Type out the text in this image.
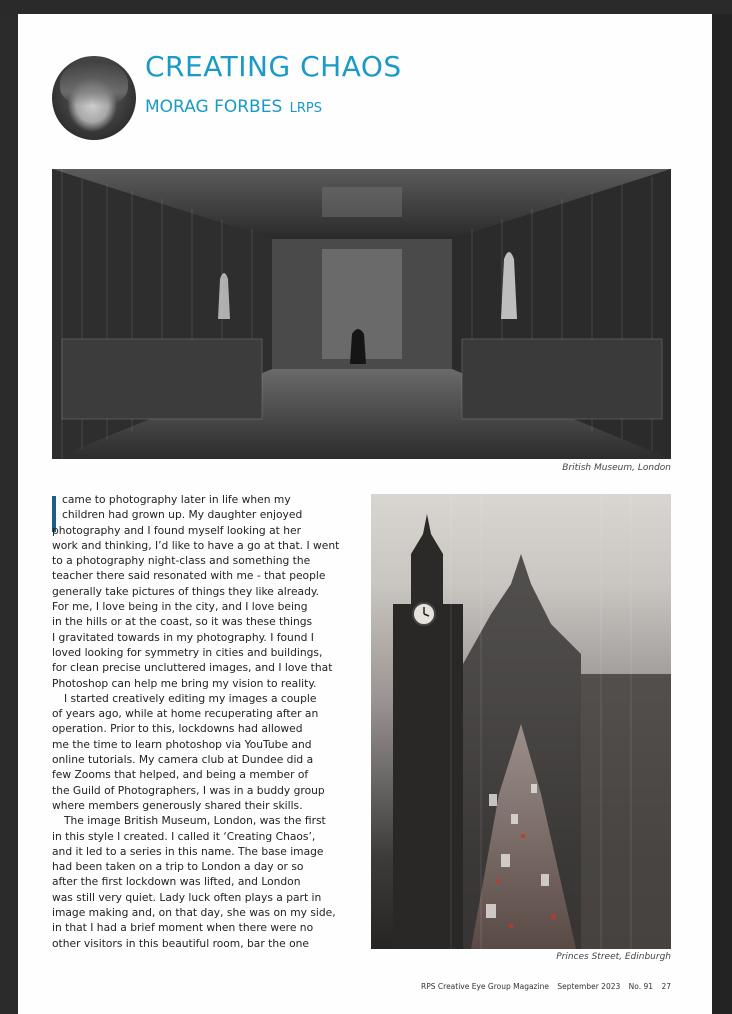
CREATING CHAOS
MORAG FORBES LRPS
British Museum, London
came to photography later in life when my
children had grown up. My daughter enjoyed
photography and I found myself looking at her
work and thinking, I’d like to have a go at that. I went
to a photography night-class and something the
teacher there said resonated with me - that people
generally take pictures of things they like already.
For me, I love being in the city, and I love being
in the hills or at the coast, so it was these things
I gravitated towards in my photography. I found I
loved looking for symmetry in cities and buildings,
for clean precise uncluttered images, and I love that
Photoshop can help me bring my vision to reality.
I started creatively editing my images a couple
of years ago, while at home recuperating after an
operation. Prior to this, lockdowns had allowed
me the time to learn photoshop via YouTube and
online tutorials. My camera club at Dundee did a
few Zooms that helped, and being a member of
the Guild of Photographers, I was in a buddy group
where members generously shared their skills.
The image British Museum, London, was the first
in this style I created. I called it ‘Creating Chaos’,
and it led to a series in this name. The base image
had been taken on a trip to London a day or so
after the first lockdown was lifted, and London
was still very quiet. Lady luck often plays a part in
image making and, on that day, she was on my side,
in that I had a brief moment when there were no
other visitors in this beautiful room, bar the one
Princes Street, Edinburgh
RPS Creative Eye Group Magazine September 2023 No. 91 27
